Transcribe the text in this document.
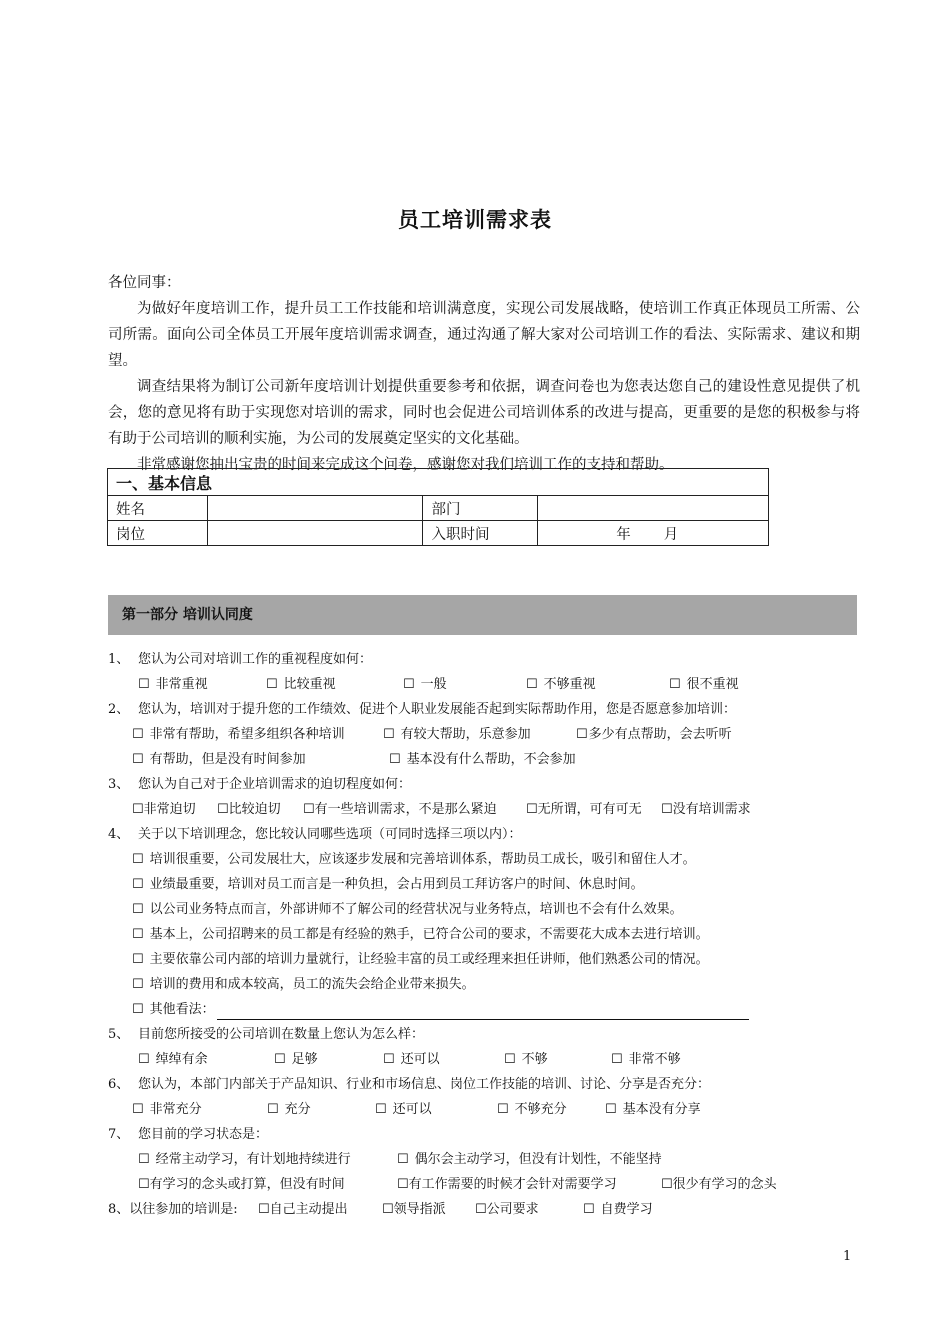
员工培训需求表

各位同事：

为做好年度培训工作，提升员工工作技能和培训满意度，实现公司发展战略，使培训工作真正体现员工所需、公司所需。面向公司全体员工开展年度培训需求调查，通过沟通了解大家对公司培训工作的看法、实际需求、建议和期望。

调查结果将为制订公司新年度培训计划提供重要参考和依据，调查问卷也为您表达您自己的建设性意见提供了机会，您的意见将有助于实现您对培训的需求，同时也会促进公司培训体系的改进与提高，更重要的是您的积极参与将有助于公司培训的顺利实施，为公司的发展奠定坚实的文化基础。

非常感谢您抽出宝贵的时间来完成这个问卷，感谢您对我们培训工作的支持和帮助。

一、基本信息			
姓名		部门	
岗位		入职时间	年 月
第一部分 培训认同度
1、 您认为公司对培训工作的重视程度如何：
☐ 非常重视	☐ 比较重视	☐ 一般	☐ 不够重视	☐ 很不重视
2、 您认为，培训对于提升您的工作绩效、促进个人职业发展能否起到实际帮助作用，您是否愿意参加培训：
☐ 非常有帮助，希望多组织各种培训	☐ 有较大帮助，乐意参加	☐多少有点帮助，会去听听
☐ 有帮助，但是没有时间参加	☐ 基本没有什么帮助，不会参加
3、 您认为自己对于企业培训需求的迫切程度如何：
☐非常迫切 ☐比较迫切 ☐有一些培训需求，不是那么紧迫 ☐无所谓，可有可无 ☐没有培训需求
4、 关于以下培训理念，您比较认同哪些选项（可同时选择三项以内）：
☐ 培训很重要，公司发展壮大，应该逐步发展和完善培训体系，帮助员工成长，吸引和留住人才。
☐ 业绩最重要，培训对员工而言是一种负担，会占用到员工拜访客户的时间、休息时间。
☐ 以公司业务特点而言，外部讲师不了解公司的经营状况与业务特点，培训也不会有什么效果。
☐ 基本上，公司招聘来的员工都是有经验的熟手，已符合公司的要求，不需要花大成本去进行培训。
☐ 主要依靠公司内部的培训力量就行，让经验丰富的员工或经理来担任讲师，他们熟悉公司的情况。
☐ 培训的费用和成本较高，员工的流失会给企业带来损失。
☐ 其他看法：
5、 目前您所接受的公司培训在数量上您认为怎么样：
☐ 绰绰有余	☐ 足够	☐ 还可以	☐ 不够	☐ 非常不够
6、 您认为，本部门内部关于产品知识、行业和市场信息、岗位工作技能的培训、讨论、分享是否充分：
☐ 非常充分	☐ 充分	☐ 还可以	☐ 不够充分	☐ 基本没有分享
7、 您目前的学习状态是：
☐ 经常主动学习，有计划地持续进行	☐ 偶尔会主动学习，但没有计划性，不能坚持
☐有学习的念头或打算，但没有时间	☐有工作需要的时候才会针对需要学习	☐很少有学习的念头
8、以往参加的培训是: ☐自己主动提出	☐领导指派 ☐公司要求	☐ 自费学习
1
